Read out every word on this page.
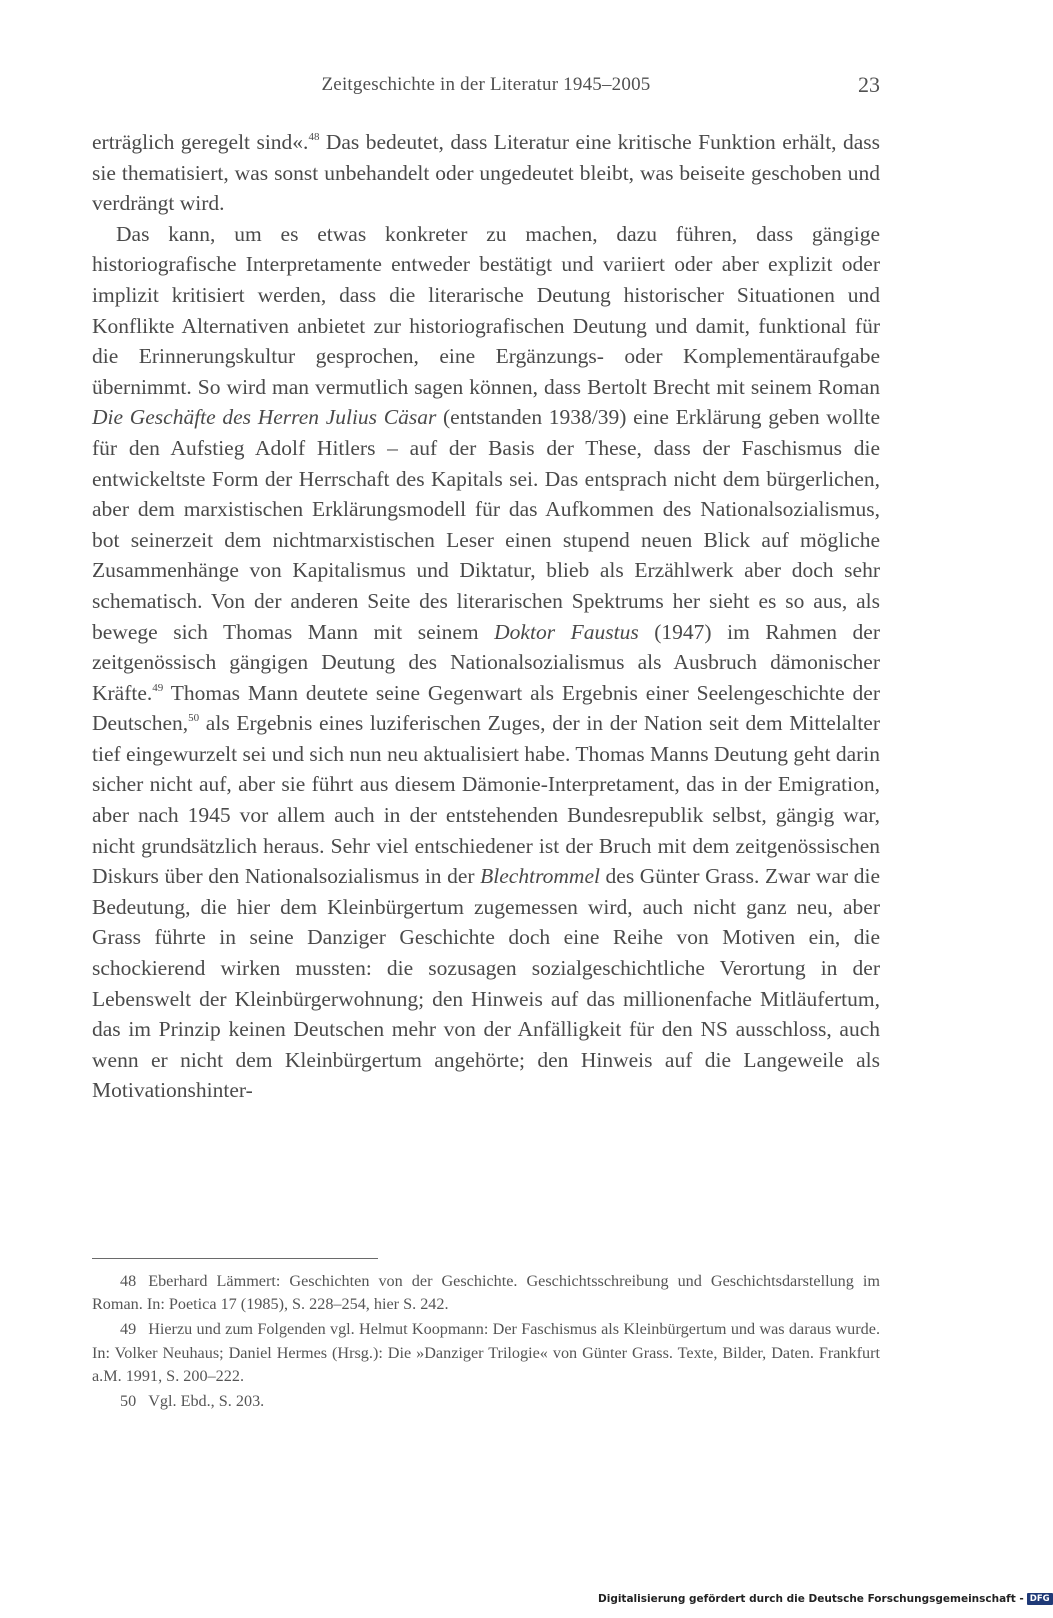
Zeitgeschichte in der Literatur 1945–2005	23

erträglich geregelt sind«.$^{48}$ Das bedeutet, dass Literatur eine kritische Funktion erhält, dass sie thematisiert, was sonst unbehandelt oder ungedeutet bleibt, was beiseite geschoben und verdrängt wird.

Das kann, um es etwas konkreter zu machen, dazu führen, dass gängige historiografische Interpretamente entweder bestätigt und variiert oder aber explizit oder implizit kritisiert werden, dass die literarische Deutung historischer Situationen und Konflikte Alternativen anbietet zur historiografischen Deutung und damit, funktional für die Erinnerungskultur gesprochen, eine Ergänzungs- oder Komplementäraufgabe übernimmt. So wird man vermutlich sagen können, dass Bertolt Brecht mit seinem Roman Die Geschäfte des Herren Julius Cäsar (entstanden 1938/39) eine Erklärung geben wollte für den Aufstieg Adolf Hitlers – auf der Basis der These, dass der Faschismus die entwickeltste Form der Herrschaft des Kapitals sei. Das entsprach nicht dem bürgerlichen, aber dem marxistischen Erklärungsmodell für das Aufkommen des Nationalsozialismus, bot seinerzeit dem nichtmarxistischen Leser einen stupend neuen Blick auf mögliche Zusammenhänge von Kapitalismus und Diktatur, blieb als Erzählwerk aber doch sehr schematisch. Von der anderen Seite des literarischen Spektrums her sieht es so aus, als bewege sich Thomas Mann mit seinem Doktor Faustus (1947) im Rahmen der zeitgenössisch gängigen Deutung des Nationalsozialismus als Ausbruch dämonischer Kräfte.$^{49}$ Thomas Mann deutete seine Gegenwart als Ergebnis einer Seelengeschichte der Deutschen,$^{50}$ als Ergebnis eines luziferischen Zuges, der in der Nation seit dem Mittelalter tief eingewurzelt sei und sich nun neu aktualisiert habe. Thomas Manns Deutung geht darin sicher nicht auf, aber sie führt aus diesem Dämonie-Interpretament, das in der Emigration, aber nach 1945 vor allem auch in der entstehenden Bundesrepublik selbst, gängig war, nicht grundsätzlich heraus. Sehr viel entschiedener ist der Bruch mit dem zeitgenössischen Diskurs über den Nationalsozialismus in der Blechtrommel des Günter Grass. Zwar war die Bedeutung, die hier dem Kleinbürgertum zugemessen wird, auch nicht ganz neu, aber Grass führte in seine Danziger Geschichte doch eine Reihe von Motiven ein, die schockierend wirken mussten: die sozusagen sozialgeschichtliche Verortung in der Lebenswelt der Kleinbürgerwohnung; den Hinweis auf das millionenfache Mitläufertum, das im Prinzip keinen Deutschen mehr von der Anfälligkeit für den NS ausschloss, auch wenn er nicht dem Kleinbürgertum angehörte; den Hinweis auf die Langeweile als Motivationshinter-

48 Eberhard Lämmert: Geschichten von der Geschichte. Geschichtsschreibung und Geschichtsdarstellung im Roman. In: Poetica 17 (1985), S. 228–254, hier S. 242.

49 Hierzu und zum Folgenden vgl. Helmut Koopmann: Der Faschismus als Kleinbürgertum und was daraus wurde. In: Volker Neuhaus; Daniel Hermes (Hrsg.): Die »Danziger Trilogie« von Günter Grass. Texte, Bilder, Daten. Frankfurt a.M. 1991, S. 200–222.

50 Vgl. Ebd., S. 203.

Digitalisierung gefördert durch die Deutsche Forschungsgemeinschaft - DFG
